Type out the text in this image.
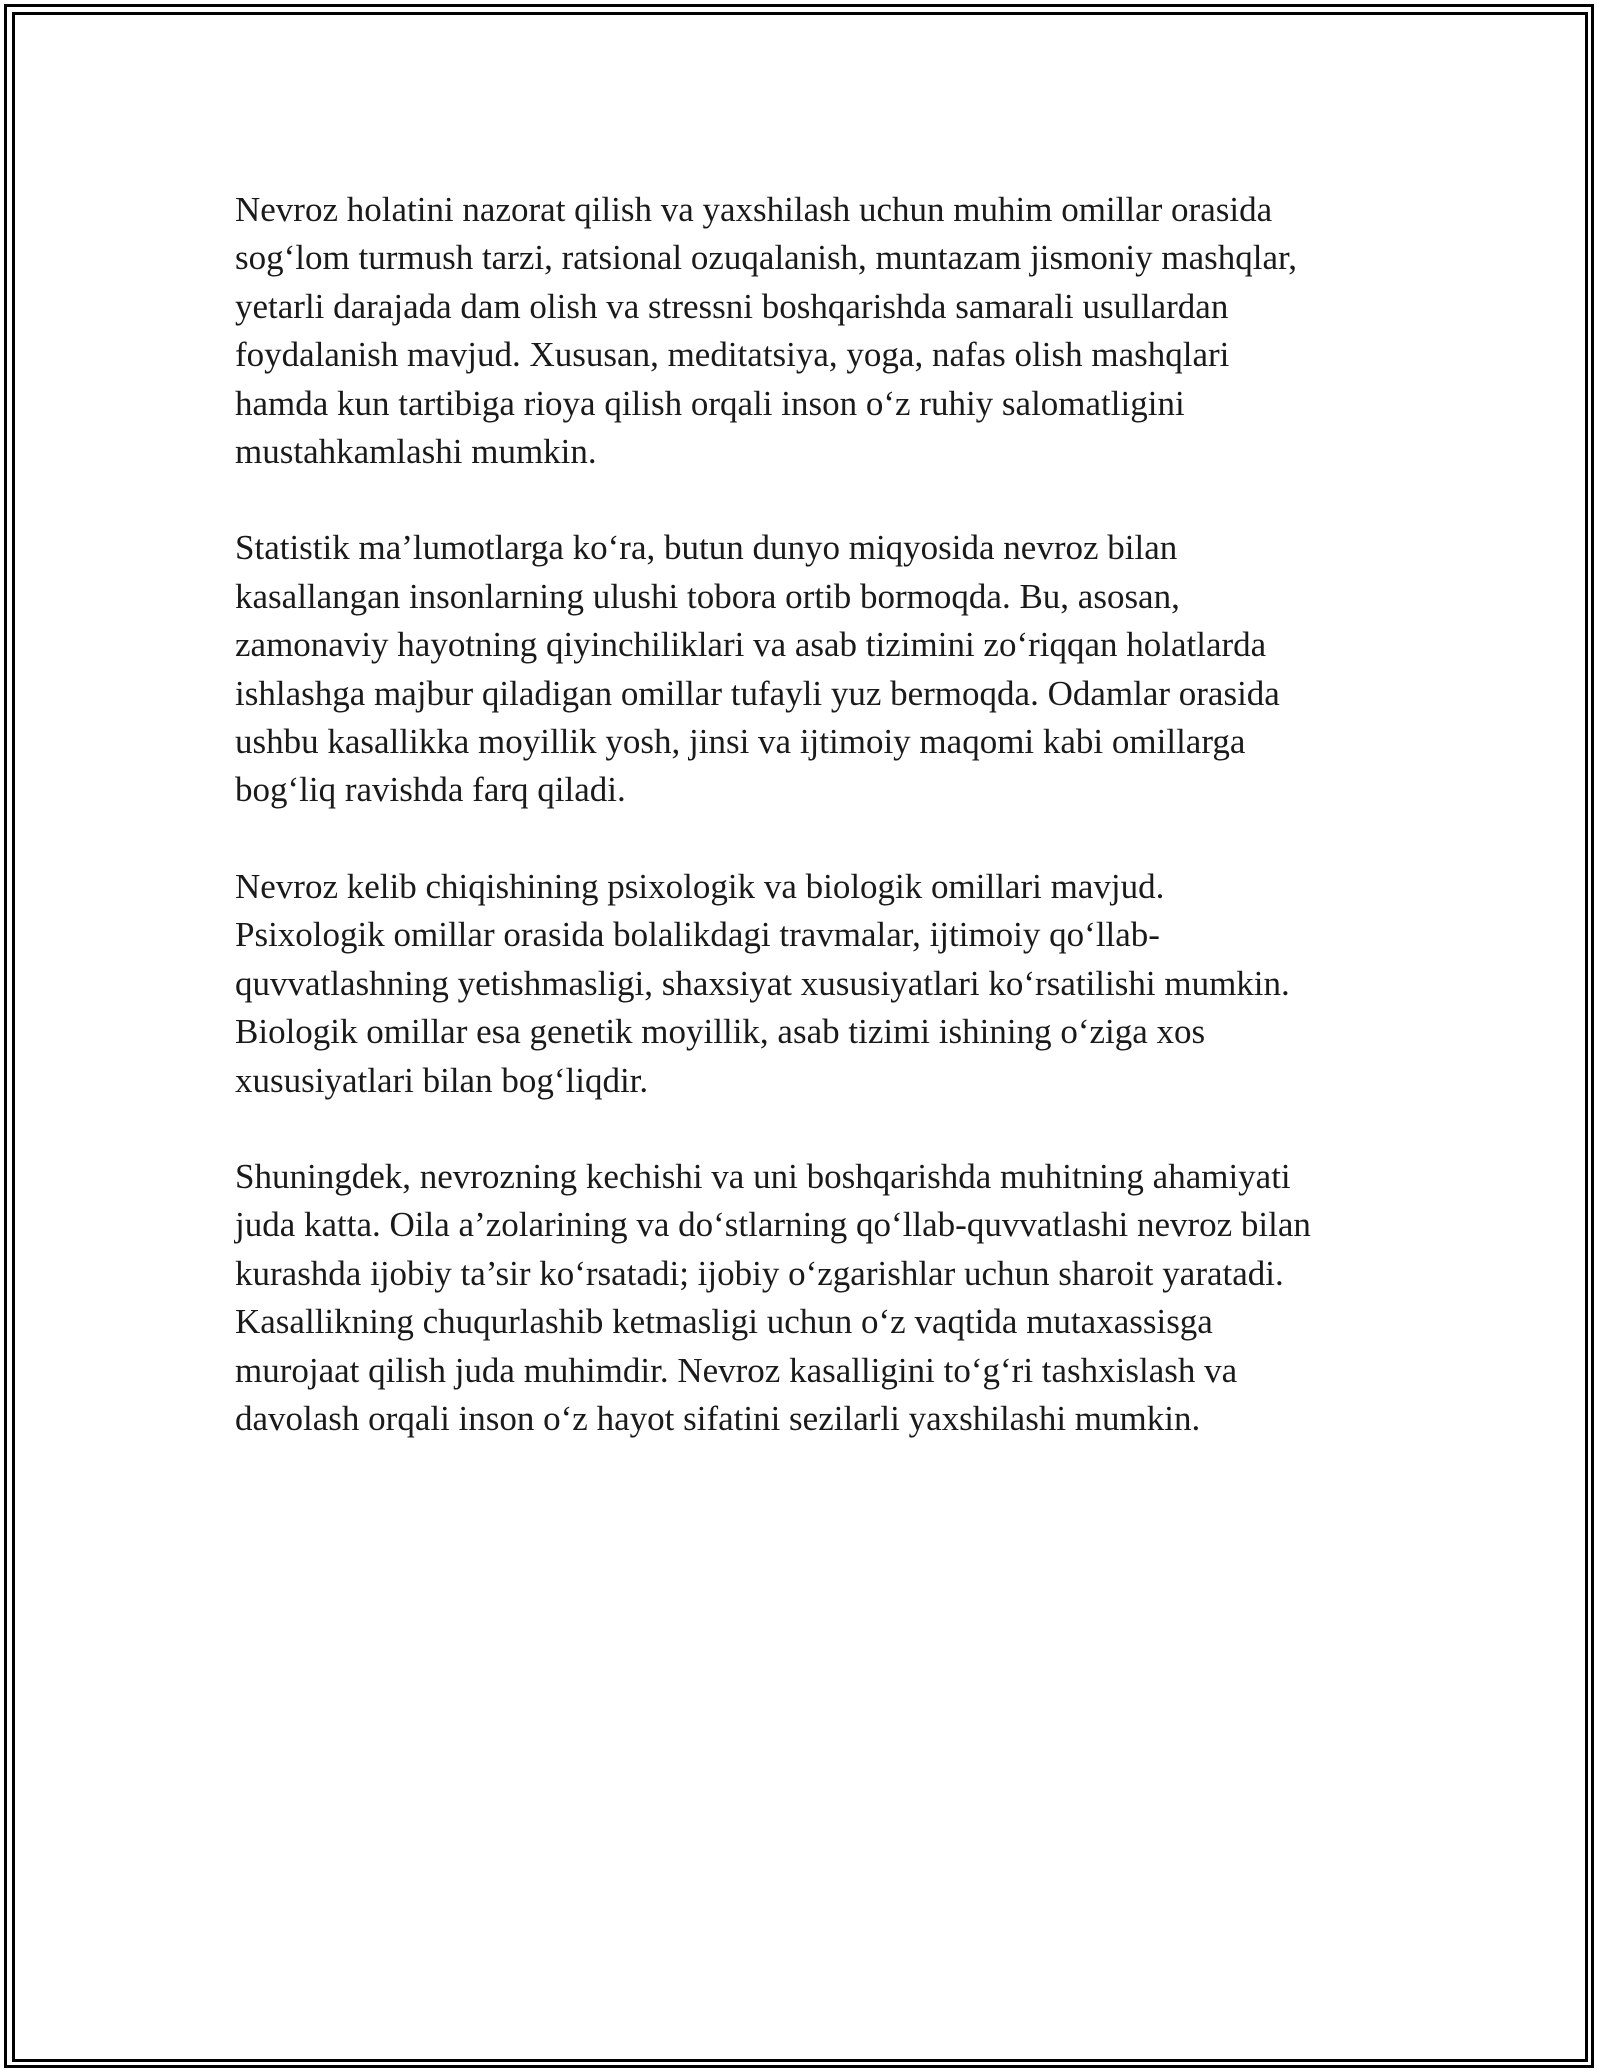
Nevroz holatini nazorat qilish va yaxshilash uchun muhim omillar orasida
sog‘lom turmush tarzi, ratsional ozuqalanish, muntazam jismoniy mashqlar,
yetarli darajada dam olish va stressni boshqarishda samarali usullardan
foydalanish mavjud. Xususan, meditatsiya, yoga, nafas olish mashqlari
hamda kun tartibiga rioya qilish orqali inson o‘z ruhiy salomatligini
mustahkamlashi mumkin.

Statistik ma’lumotlarga ko‘ra, butun dunyo miqyosida nevroz bilan
kasallangan insonlarning ulushi tobora ortib bormoqda. Bu, asosan,
zamonaviy hayotning qiyinchiliklari va asab tizimini zo‘riqqan holatlarda
ishlashga majbur qiladigan omillar tufayli yuz bermoqda. Odamlar orasida
ushbu kasallikka moyillik yosh, jinsi va ijtimoiy maqomi kabi omillarga
bog‘liq ravishda farq qiladi.

Nevroz kelib chiqishining psixologik va biologik omillari mavjud.
Psixologik omillar orasida bolalikdagi travmalar, ijtimoiy qo‘llab-
quvvatlashning yetishmasligi, shaxsiyat xususiyatlari ko‘rsatilishi mumkin.
Biologik omillar esa genetik moyillik, asab tizimi ishining o‘ziga xos
xususiyatlari bilan bog‘liqdir.

Shuningdek, nevrozning kechishi va uni boshqarishda muhitning ahamiyati
juda katta. Oila a’zolarining va do‘stlarning qo‘llab-quvvatlashi nevroz bilan
kurashda ijobiy ta’sir ko‘rsatadi; ijobiy o‘zgarishlar uchun sharoit yaratadi.
Kasallikning chuqurlashib ketmasligi uchun o‘z vaqtida mutaxassisga
murojaat qilish juda muhimdir. Nevroz kasalligini to‘g‘ri tashxislash va
davolash orqali inson o‘z hayot sifatini sezilarli yaxshilashi mumkin.
